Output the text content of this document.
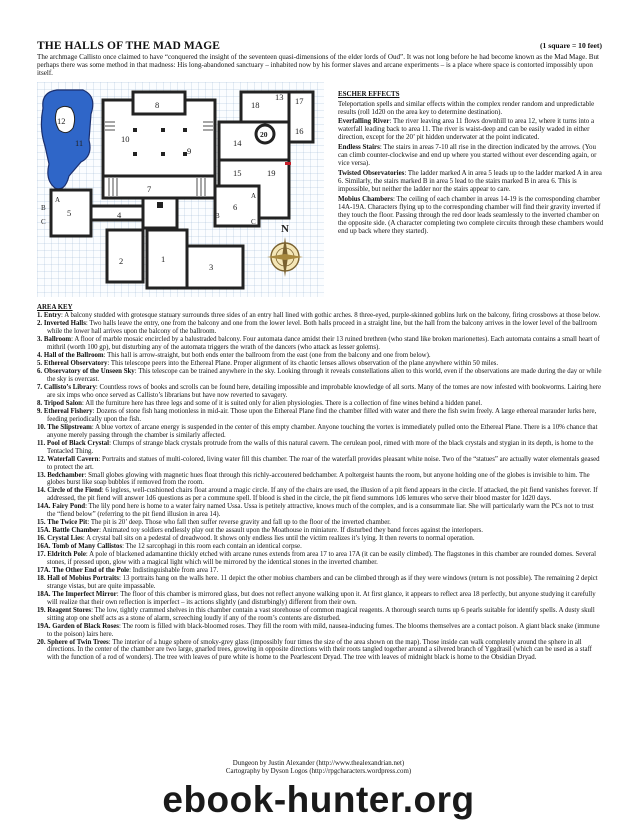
THE HALLS OF THE MAD MAGE	(1 square = 10 feet)
The archmage Callisto once claimed to have “conquered the insight of the seventeen quasi-dimensions of the elder lords of Oud”. It was not long before he had become known as the Mad Mage. But perhaps there was some method in that madness: His long-abandoned sanctuary – inhabited now by his former slaves and arcane experiments – is a place where space is contorted impossibly upon itself.
N
1
2
3
4
5
6
7
8
9
10
11
12
13
14
15
16
17
18
19
20
A	A
B
B
C	C

ESCHER EFFECTS

Teleportation spells and similar effects within the complex render random and unpredictable results (roll 1d20 on the area key to determine destination).

Everfalling River: The river leaving area 11 flows downhill to area 12, where it turns into a waterfall leading back to area 11. The river is waist-deep and can be easily waded in either direction, except for the 20’ pit hidden underwater at the point indicated.

Endless Stairs: The stairs in areas 7-10 all rise in the direction indicated by the arrows. (You can climb counter-clockwise and end up where you started without ever descending again, or vice versa).

Twisted Observatories: The ladder marked A in area 5 leads up to the ladder marked A in area 6. Similarly, the stairs marked B in area 5 lead to the stairs marked B in area 6. This is impossible, but neither the ladder nor the stairs appear to care.

Mobius Chambers: The ceiling of each chamber in areas 14-19 is the corresponding chamber 14A-19A. Characters flying up to the corresponding chamber will find their gravity inverted if they touch the floor. Passing through the red door leads seamlessly to the inverted chamber on the opposite side. (A character completing two complete circuits through these chambers would end up back where they started).

AREA KEY
1. Entry: A balcony studded with grotesque statuary surrounds three sides of an entry hall lined with gothic arches. 8 three-eyed, purple-skinned goblins lurk on the balcony, firing crossbows at those below.
2. Inverted Halls: Two halls leave the entry, one from the balcony and one from the lower level. Both halls proceed in a straight line, but the hall from the balcony arrives in the lower level of the ballroom while the lower hall arrives upon the balcony of the ballroom.
3. Ballroom: A floor of marble mosaic encircled by a balustraded balcony. Four automata dance amidst their 13 ruined brethren (who stand like broken marionettes). Each automata contains a small heart of mithril (worth 100 gp), but disturbing any of the automata triggers the wrath of the dancers (who attack as lesser golems).
4. Hall of the Ballroom: This hall is arrow-straight, but both ends enter the ballroom from the east (one from the balcony and one from below).
5. Ethereal Observatory: This telescope peers into the Ethereal Plane. Proper alignment of its chaotic lenses allows observation of the plane anywhere within 50 miles.
6. Observatory of the Unseen Sky: This telescope can be trained anywhere in the sky. Looking through it reveals constellations alien to this world, even if the observations are made during the day or while the sky is overcast.
7. Callisto’s Library: Countless rows of books and scrolls can be found here, detailing impossible and improbable knowledge of all sorts. Many of the tomes are now infested with bookworms. Lairing here are six imps who once served as Callisto’s librarians but have now reverted to savagery.
8. Tripod Salon: All the furniture here has three legs and some of it is suited only for alien physiologies. There is a collection of fine wines behind a hidden panel.
9. Ethereal Fishery: Dozens of stone fish hang motionless in mid-air. Those upon the Ethereal Plane find the chamber filled with water and there the fish swim freely. A large ethereal marauder lurks here, feeding periodically upon the fish.
10. The Slipstream: A blue vortex of arcane energy is suspended in the center of this empty chamber. Anyone touching the vortex is immediately pulled onto the Ethereal Plane. There is a 10% chance that anyone merely passing through the chamber is similarly affected.
11. Pool of Black Crystal: Clumps of strange black crystals protrude from the walls of this natural cavern. The cerulean pool, rimed with more of the black crystals and stygian in its depth, is home to the Tentacled Thing.
12. Waterfall Cavern: Portraits and statues of multi-colored, living water fill this chamber. The roar of the waterfall provides pleasant white noise. Two of the “statues” are actually water elementals geased to protect the art.
13. Bedchamber: Small globes glowing with magnetic hues float through this richly-accoutered bedchamber. A poltergeist haunts the room, but anyone holding one of the globes is invisible to him. The globes burst like soap bubbles if removed from the room.
14. Circle of the Fiend: 6 legless, well-cushioned chairs float around a magic circle. If any of the chairs are used, the illusion of a pit fiend appears in the circle. If attacked, the pit fiend vanishes forever. If addressed, the pit fiend will answer 1d6 questions as per a commune spell. If blood is shed in the circle, the pit fiend summons 1d6 lemures who serve their blood master for 1d20 days.
14A. Fairy Pond: The lily pond here is home to a water fairy named Ussa. Ussa is petitely attractive, knows much of the complex, and is a consummate liar. She will particularly warn the PCs not to trust the “fiend below” (referring to the pit fiend illusion in area 14).
15. The Twice Pit: The pit is 20’ deep. Those who fall then suffer reverse gravity and fall up to the floor of the inverted chamber.
15A. Battle Chamber: Animated toy soldiers endlessly play out the assault upon the Moathouse in miniature. If disturbed they band forces against the interlopers.
16. Crystal Lies: A crystal ball sits on a pedestal of dreadwood. It shows only endless lies until the victim realizes it’s lying. It then reverts to normal operation.
16A. Tomb of Many Callistos: The 12 sarcophagi in this room each contain an identical corpse.
17. Eldritch Pole: A pole of blackened adamantine thickly etched with arcane runes extends from area 17 to area 17A (it can be easily climbed). The flagstones in this chamber are rounded domes. Several stones, if pressed upon, glow with a magical light which will be mirrored by the identical stones in the inverted chamber.
17A. The Other End of the Pole: Indistinguishable from area 17.
18. Hall of Mobius Portraits: 13 portraits hang on the walls here. 11 depict the other mobius chambers and can be climbed through as if they were windows (return is not possible). The remaining 2 depict strange vistas, but are quite impassable.
18A. The Imperfect Mirror: The floor of this chamber is mirrored glass, but does not reflect anyone walking upon it. At first glance, it appears to reflect area 18 perfectly, but anyone studying it carefully will realize that their own reflection is imperfect – its actions slightly (and disturbingly) different from their own.
19. Reagent Stores: The low, tightly crammed shelves in this chamber contain a vast storehouse of common magical reagents. A thorough search turns up 6 pearls suitable for identify spells. A dusty skull sitting atop one shelf acts as a stone of alarm, screeching loudly if any of the room’s contents are disturbed.
19A. Garden of Black Roses: The room is filled with black-bloomed roses. They fill the room with mild, nausea-inducing fumes. The blooms themselves are a contact poison. A giant black snake (immune to the poison) lairs here.
20. Sphere of Twin Trees: The interior of a huge sphere of smoky-grey glass (impossibly four times the size of the area shown on the map). Those inside can walk completely around the sphere in all directions. In the center of the chamber are two large, gnarled trees, growing in opposite directions with their roots tangled together around a silvered branch of Yggdrasil (which can be used as a staff with the function of a rod of wonders). The tree with leaves of pure white is home to the Pearlescent Dryad. The tree with leaves of midnight black is home to the Obsidian Dryad.
Dungeon by Justin Alexander (http://www.thealexandrian.net)
Cartography by Dyson Logos (http://rpgcharacters.wordpress.com)
ebook-hunter.org
